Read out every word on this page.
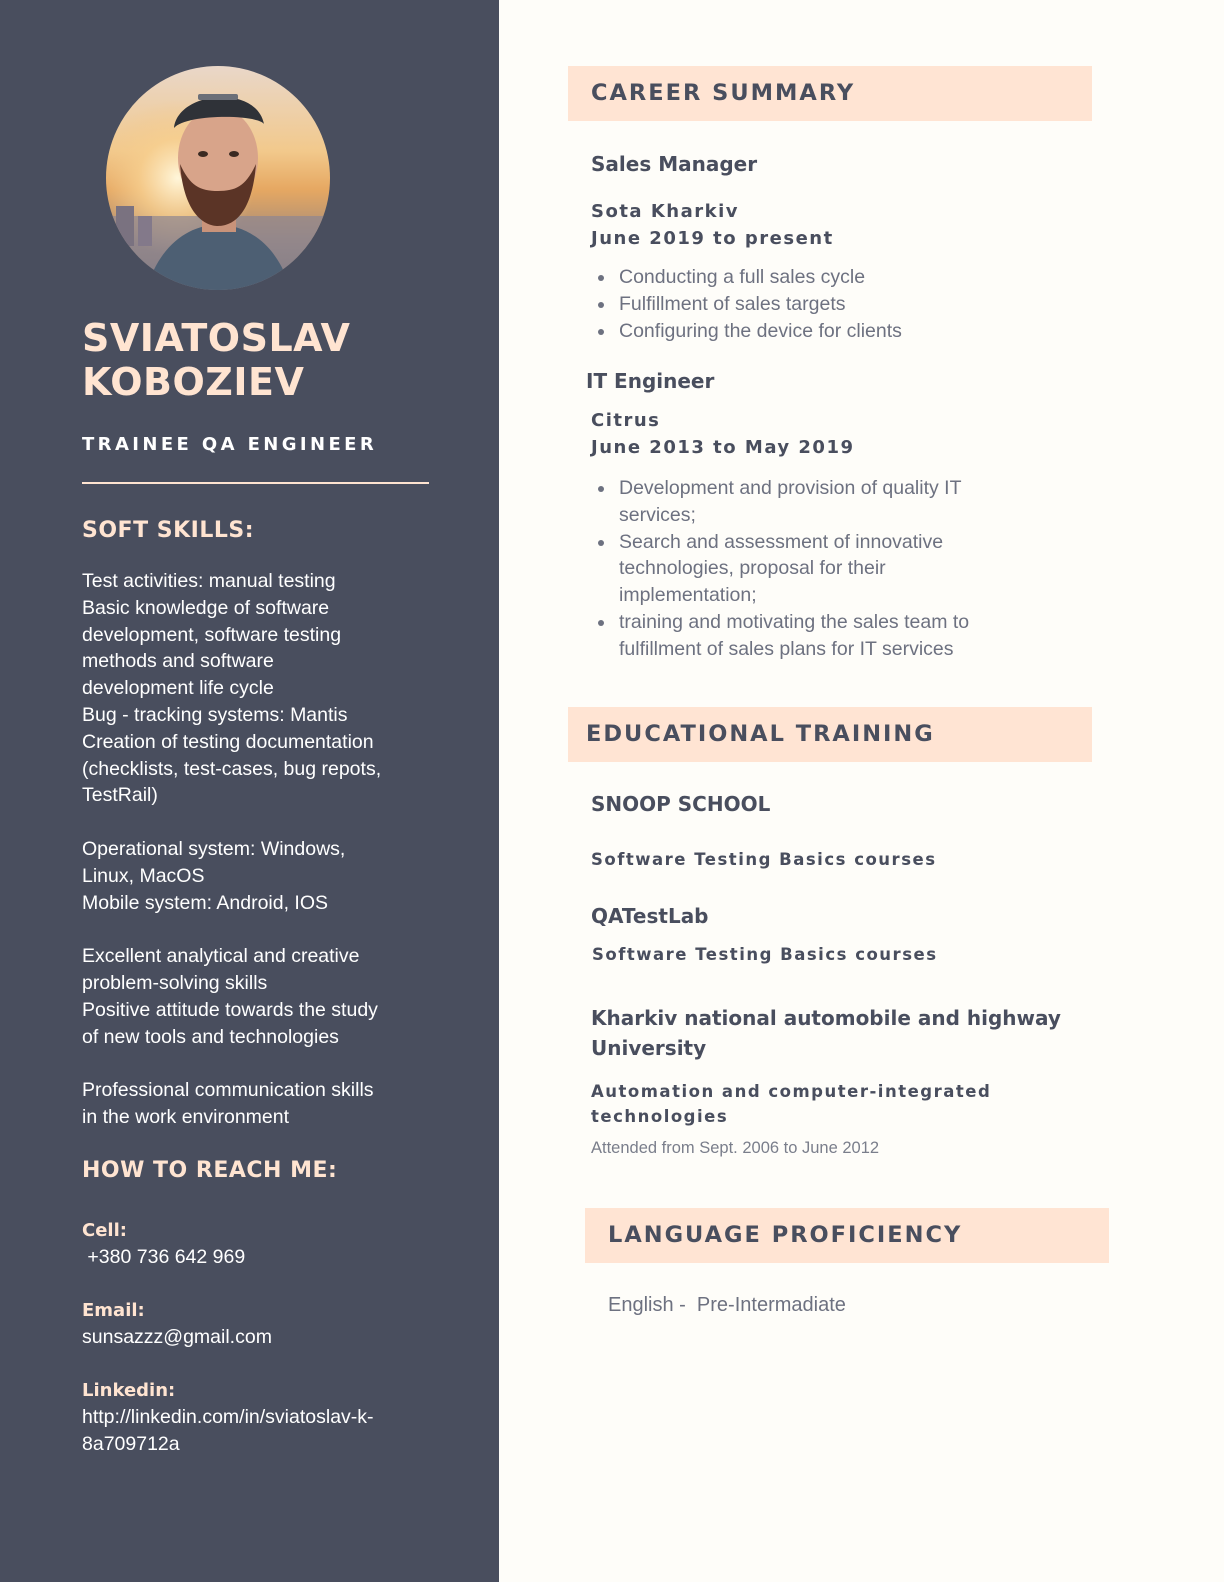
SVIATOSLAV
KOBOZIEV
TRAINEE QA ENGINEER
SOFT SKILLS:
Test activities: manual testing
Basic knowledge of software
development, software testing
methods and software
development life cycle
Bug - tracking systems: Mantis
Creation of testing documentation
(checklists, test-cases, bug repots,
TestRail)
Operational system: Windows,
Linux, MacOS
Mobile system: Android, IOS
Excellent analytical and creative
problem-solving skills
Positive attitude towards the study
of new tools and technologies
Professional communication skills
in the work environment
HOW TO REACH ME:
Cell:
+380 736 642 969
Email:
sunsazzz@gmail.com
Linkedin:
http://linkedin.com/in/sviatoslav-k-
8a709712a
CAREER SUMMARY
Sales Manager
Sota Kharkiv
June 2019 to present
Conducting a full sales cycle
Fulfillment of sales targets
Configuring the device for clients
IT Engineer
Citrus
June 2013 to May 2019
Development and provision of quality IT
services;
Search and assessment of innovative
technologies, proposal for their
implementation;
training and motivating the sales team to
fulfillment of sales plans for IT services
EDUCATIONAL TRAINING
SNOOP SCHOOL
Software Testing Basics courses
QATestLab
Software Testing Basics courses
Kharkiv national automobile and highway
University
Automation and computer-integrated
technologies
Attended from Sept. 2006 to June 2012
LANGUAGE PROFICIENCY
English -  Pre-Intermadiate
